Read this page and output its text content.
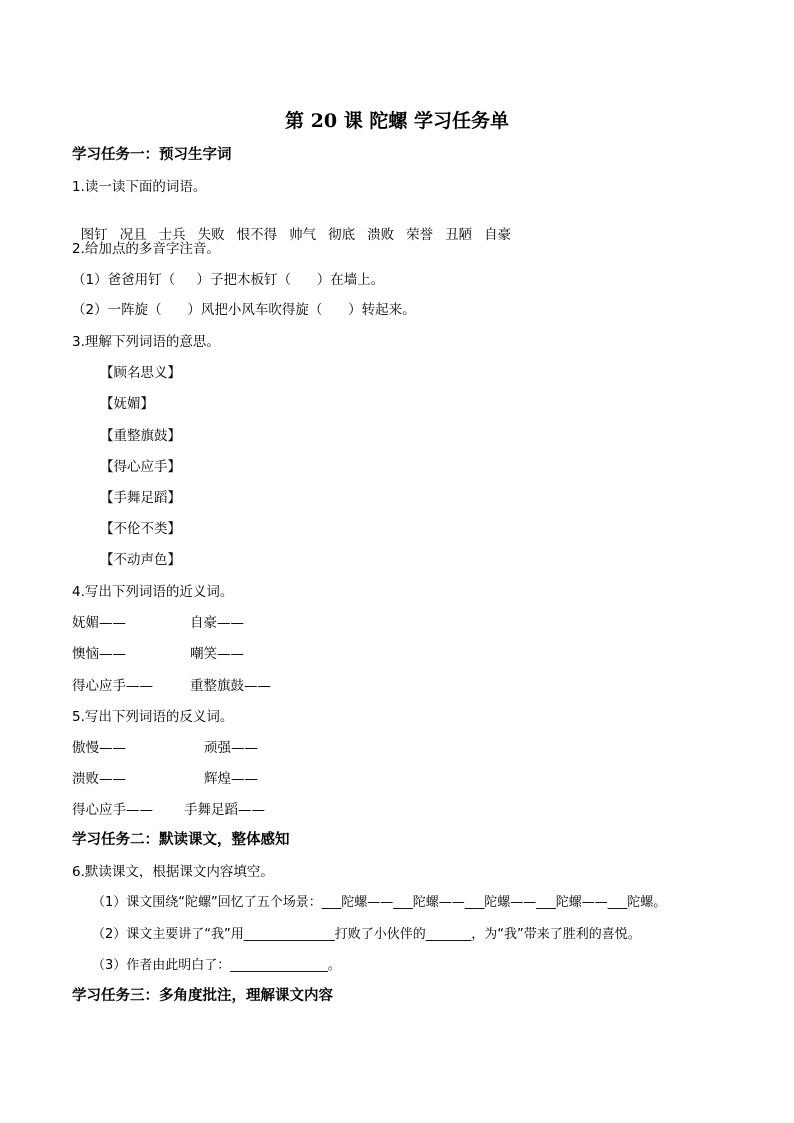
第 20 课 陀螺 学习任务单
学习任务一：预习生字词
1.读一读下面的词语。

图钉 况且 士兵 失败 恨不得 帅气 彻底 溃败 荣誉 丑陋 自豪

2.给加点的多音字注音。
（1）爸爸用钉（     ）子把木板钉（      ）在墙上。
（2）一阵旋（      ）风把小风车吹得旋（      ）转起来。
3.理解下列词语的意思。
【顾名思义】
【妩媚】
【重整旗鼓】
【得心应手】
【手舞足蹈】
【不伦不类】
【不动声色】
4.写出下列词语的近义词。
妩媚——	自豪——
懊恼——	嘲笑——
得心应手——	重整旗鼓——
5.写出下列词语的反义词。
傲慢——	顽强——
溃败——	辉煌——
得心应手—— 手舞足蹈——
学习任务二：默读课文，整体感知
6.默读课文，根据课文内容填空。
（1）课文围绕“陀螺”回忆了五个场景：___陀螺——___陀螺——___陀螺——___陀螺——___陀螺。
（2）课文主要讲了“我”用______________打败了小伙伴的_______，为“我”带来了胜利的喜悦。
（3）作者由此明白了：_______________。
学习任务三：多角度批注，理解课文内容
